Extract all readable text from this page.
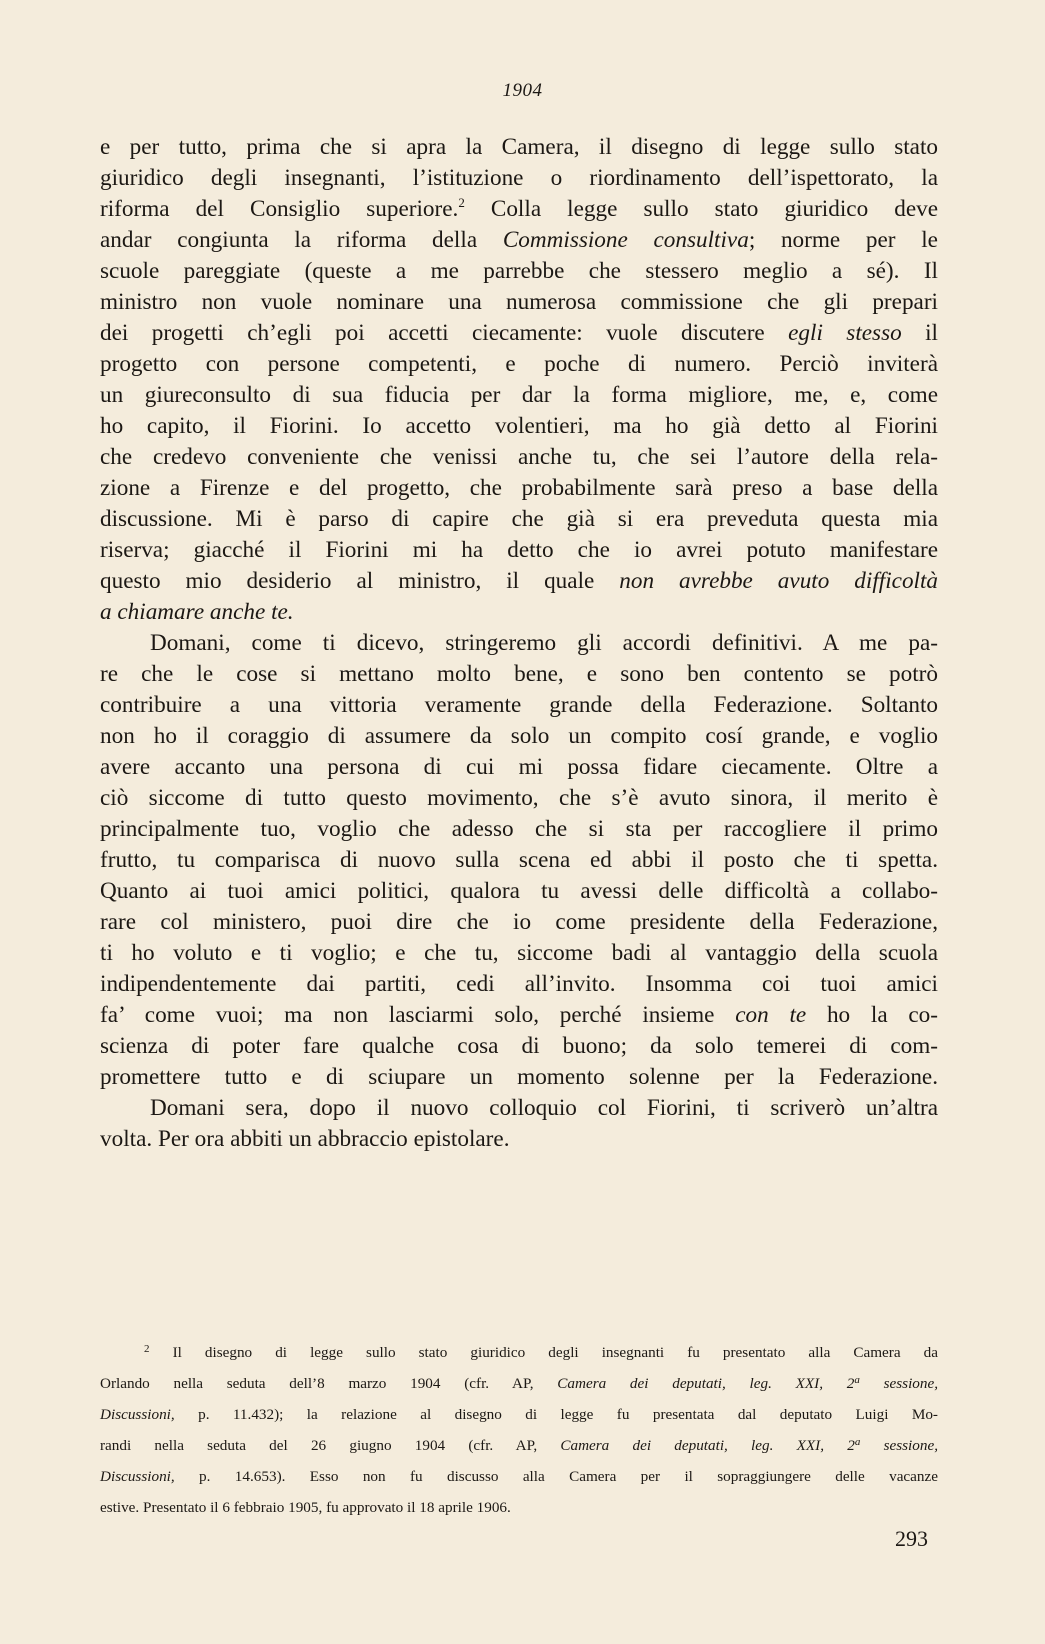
1904
e per tutto, prima che si apra la Camera, il disegno di legge sullo stato
giuridico degli insegnanti, l’istituzione o riordinamento dell’ispettorato, la
riforma del Consiglio superiore.$^2$ Colla legge sullo stato giuridico deve
andar congiunta la riforma della Commissione consultiva; norme per le
scuole pareggiate (queste a me parrebbe che stessero meglio a sé). Il
ministro non vuole nominare una numerosa commissione che gli prepari
dei progetti ch’egli poi accetti ciecamente: vuole discutere egli stesso il
progetto con persone competenti, e poche di numero. Perciò inviterà
un giureconsulto di sua fiducia per dar la forma migliore, me, e, come
ho capito, il Fiorini. Io accetto volentieri, ma ho già detto al Fiorini
che credevo conveniente che venissi anche tu, che sei l’autore della rela-
zione a Firenze e del progetto, che probabilmente sarà preso a base della
discussione. Mi è parso di capire che già si era preveduta questa mia
riserva; giacché il Fiorini mi ha detto che io avrei potuto manifestare
questo mio desiderio al ministro, il quale non avrebbe avuto difficoltà
a chiamare anche te.
Domani, come ti dicevo, stringeremo gli accordi definitivi. A me pa-
re che le cose si mettano molto bene, e sono ben contento se potrò
contribuire a una vittoria veramente grande della Federazione. Soltanto
non ho il coraggio di assumere da solo un compito cosí grande, e voglio
avere accanto una persona di cui mi possa fidare ciecamente. Oltre a
ciò siccome di tutto questo movimento, che s’è avuto sinora, il merito è
principalmente tuo, voglio che adesso che si sta per raccogliere il primo
frutto, tu comparisca di nuovo sulla scena ed abbi il posto che ti spetta.
Quanto ai tuoi amici politici, qualora tu avessi delle difficoltà a collabo-
rare col ministero, puoi dire che io come presidente della Federazione,
ti ho voluto e ti voglio; e che tu, siccome badi al vantaggio della scuola
indipendentemente dai partiti, cedi all’invito. Insomma coi tuoi amici
fa’ come vuoi; ma non lasciarmi solo, perché insieme con te ho la co-
scienza di poter fare qualche cosa di buono; da solo temerei di com-
promettere tutto e di sciupare un momento solenne per la Federazione.
Domani sera, dopo il nuovo colloquio col Fiorini, ti scriverò un’altra
volta. Per ora abbiti un abbraccio epistolare.
$^2$ Il disegno di legge sullo stato giuridico degli insegnanti fu presentato alla Camera da
Orlando nella seduta dell’8 marzo 1904 (cfr. AP, Camera dei deputati, leg. XXI, 2$^a$ sessione,
Discussioni, p. 11.432); la relazione al disegno di legge fu presentata dal deputato Luigi Mo-
randi nella seduta del 26 giugno 1904 (cfr. AP, Camera dei deputati, leg. XXI, 2$^a$ sessione,
Discussioni, p. 14.653). Esso non fu discusso alla Camera per il sopraggiungere delle vacanze
estive. Presentato il 6 febbraio 1905, fu approvato il 18 aprile 1906.
293
